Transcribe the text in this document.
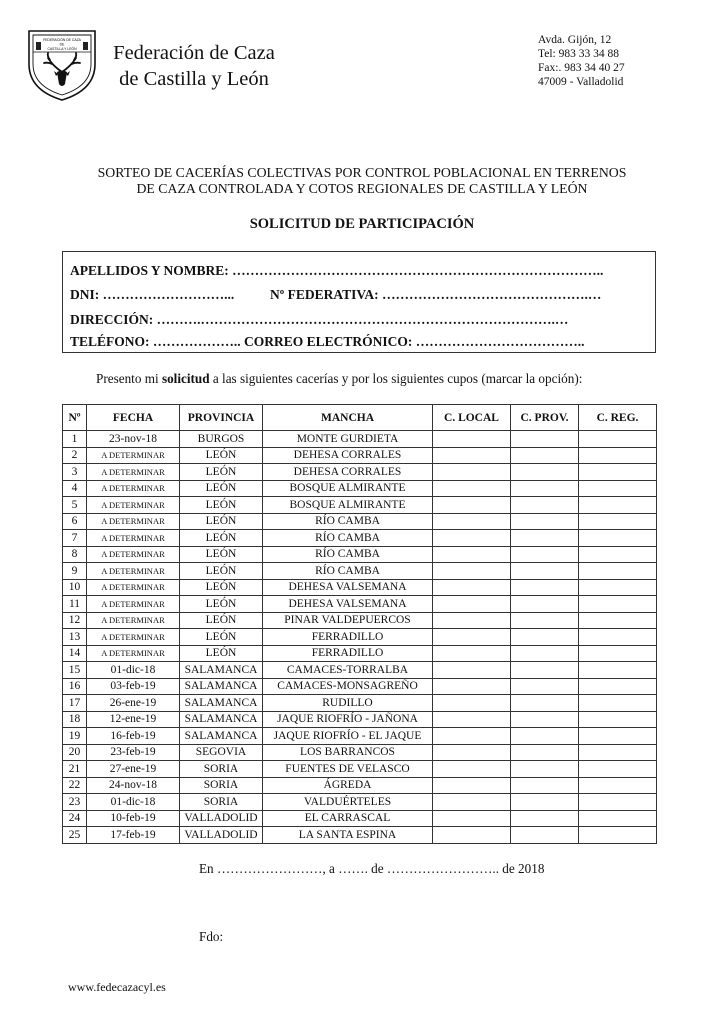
FEDERACIÓN DE CAZA
DE
CASTILLA Y LEÓN	Federación de Caza
de Castilla y León
Avda. Gijón, 12
Tel: 983 33 34 88
Fax:. 983 34 40 27
47009 - Valladolid
SORTEO DE CACERÍAS COLECTIVAS POR CONTROL POBLACIONAL EN TERRENOS
DE CAZA CONTROLADA Y COTOS REGIONALES DE CASTILLA Y LEÓN
SOLICITUD DE PARTICIPACIÓN
APELLIDOS Y NOMBRE: ………………………………………………………………………..
DNI: ………………………...	Nº FEDERATIVA: ……………………………………….…
DIRECCIÓN: ……….…………………………………………………………………….…
TELÉFONO: ……………….. CORREO ELECTRÓNICO: ………………………………..
Presento mi solicitud a las siguientes cacerías y por los siguientes cupos (marcar la opción):
Nº	FECHA	PROVINCIA	MANCHA	C. LOCAL	C. PROV.	C. REG.
1	23-nov-18	BURGOS	MONTE GURDIETA			
2	A DETERMINAR	LEÓN	DEHESA CORRALES			
3	A DETERMINAR	LEÓN	DEHESA CORRALES			
4	A DETERMINAR	LEÓN	BOSQUE ALMIRANTE			
5	A DETERMINAR	LEÓN	BOSQUE ALMIRANTE			
6	A DETERMINAR	LEÓN	RÍO CAMBA			
7	A DETERMINAR	LEÓN	RÍO CAMBA			
8	A DETERMINAR	LEÓN	RÍO CAMBA			
9	A DETERMINAR	LEÓN	RÍO CAMBA			
10	A DETERMINAR	LEÓN	DEHESA VALSEMANA			
11	A DETERMINAR	LEÓN	DEHESA VALSEMANA			
12	A DETERMINAR	LEÓN	PINAR VALDEPUERCOS			
13	A DETERMINAR	LEÓN	FERRADILLO			
14	A DETERMINAR	LEÓN	FERRADILLO			
15	01-dic-18	SALAMANCA	CAMACES-TORRALBA			
16	03-feb-19	SALAMANCA	CAMACES-MONSAGREÑO			
17	26-ene-19	SALAMANCA	RUDILLO			
18	12-ene-19	SALAMANCA	JAQUE RIOFRÍO - JAÑONA			
19	16-feb-19	SALAMANCA	JAQUE RIOFRÍO - EL JAQUE			
20	23-feb-19	SEGOVIA	LOS BARRANCOS			
21	27-ene-19	SORIA	FUENTES DE VELASCO			
22	24-nov-18	SORIA	ÁGREDA			
23	01-dic-18	SORIA	VALDUÉRTELES			
24	10-feb-19	VALLADOLID	EL CARRASCAL			
25	17-feb-19	VALLADOLID	LA SANTA ESPINA			
En ……………………, a ……. de …………………….. de 2018
Fdo:
www.fedecazacyl.es
